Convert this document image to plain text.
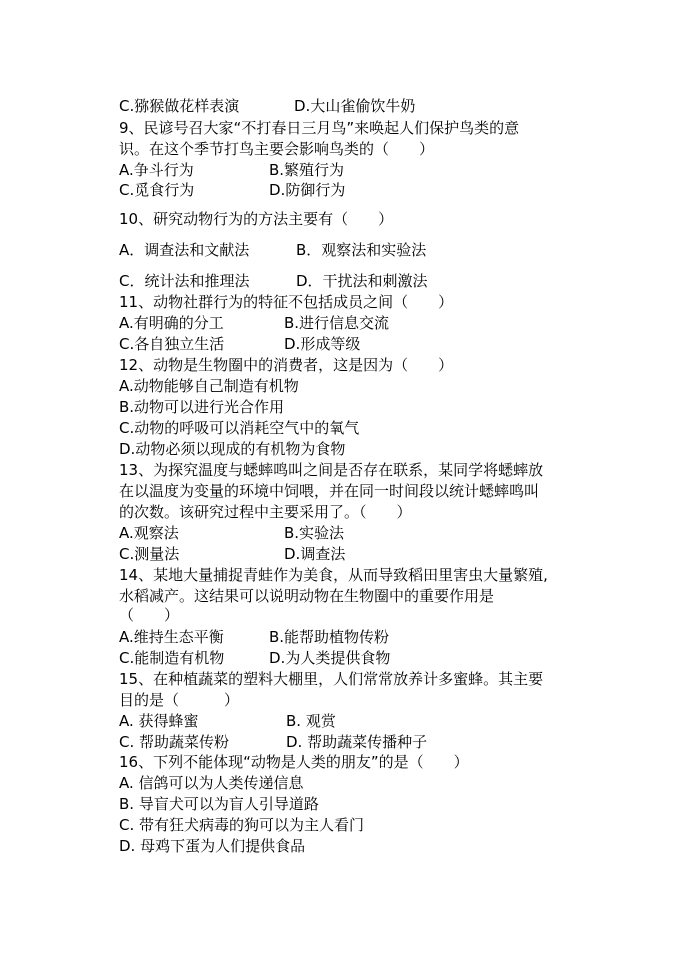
C.猕猴做花样表演	D.大山雀偷饮牛奶
9、民谚号召大家“不打春日三月鸟”来唤起人们保护鸟类的意
识。在这个季节打鸟主要会影响鸟类的（　　）
A.争斗行为	B.繁殖行为
C.觅食行为	D.防御行为
10、研究动物行为的方法主要有（　　）
A．调查法和文献法	B．观察法和实验法
C．统计法和推理法	D．干扰法和刺激法
11、动物社群行为的特征不包括成员之间（　　）
A.有明确的分工	B.进行信息交流
C.各自独立生活	D.形成等级
12、动物是生物圈中的消费者，这是因为（　　）
A.动物能够自己制造有机物
B.动物可以进行光合作用
C.动物的呼吸可以消耗空气中的氧气
D.动物必须以现成的有机物为食物
13、为探究温度与蟋蟀鸣叫之间是否存在联系，某同学将蟋蟀放
在以温度为变量的环境中饲喂，并在同一时间段以统计蟋蟀鸣叫
的次数。该研究过程中主要采用了。（　　）
A.观察法	B.实验法
C.测量法	D.调查法
14、某地大量捕捉青蛙作为美食，从而导致稻田里害虫大量繁殖,
水稻减产。这结果可以说明动物在生物圈中的重要作用是
（　　）
A.维持生态平衡	B.能帮助植物传粉
C.能制造有机物	D.为人类提供食物
15、在种植蔬菜的塑料大棚里，人们常常放养计多蜜蜂。其主要
目的是（　　　）
A. 获得蜂蜜	B. 观赏
C. 帮助蔬菜传粉	D. 帮助蔬菜传播种子
16、下列不能体现“动物是人类的朋友”的是（　　）
A. 信鸽可以为人类传递信息
B. 导盲犬可以为盲人引导道路
C. 带有狂犬病毒的狗可以为主人看门
D. 母鸡下蛋为人们提供食品
